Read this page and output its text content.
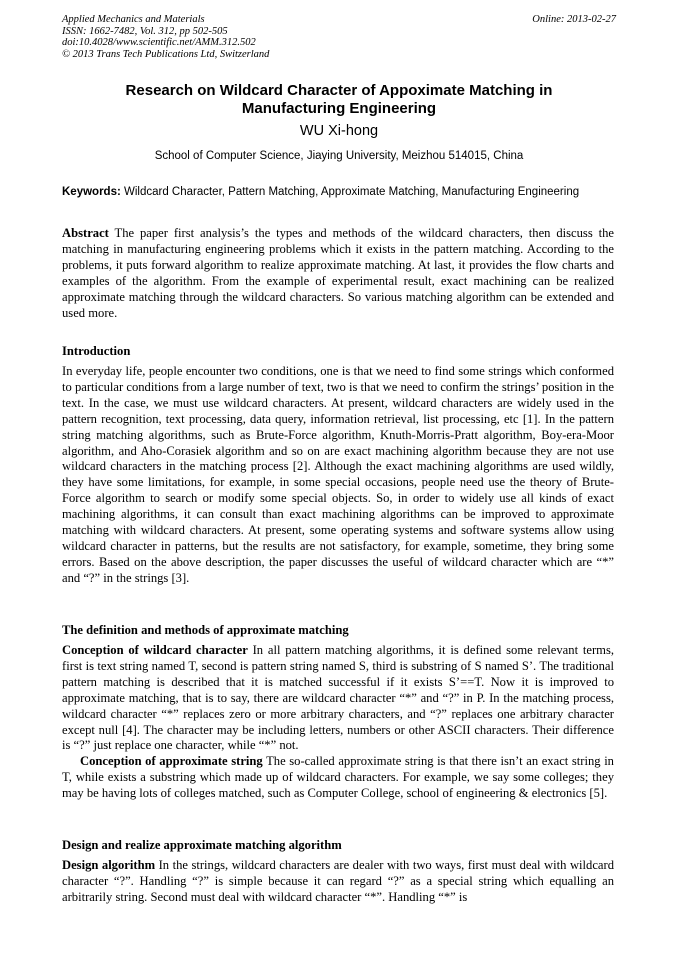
Applied Mechanics and Materials
ISSN: 1662-7482, Vol. 312, pp 502-505
doi:10.4028/www.scientific.net/AMM.312.502
© 2013 Trans Tech Publications Ltd, Switzerland
Online: 2013-02-27
Research on Wildcard Character of Appoximate Matching in
Manufacturing Engineering
WU Xi-hong
School of Computer Science, Jiaying University, Meizhou 514015, China
Keywords: Wildcard Character, Pattern Matching, Approximate Matching, Manufacturing Engineering

Abstract The paper first analysis’s the types and methods of the wildcard characters, then discuss the matching in manufacturing engineering problems which it exists in the pattern matching. According to the problems, it puts forward algorithm to realize approximate matching. At last, it provides the flow charts and examples of the algorithm. From the example of experimental result, exact machining can be realized approximate matching through the wildcard characters. So various matching algorithm can be extended and used more.

Introduction

In everyday life, people encounter two conditions, one is that we need to find some strings which conformed to particular conditions from a large number of text, two is that we need to confirm the strings’ position in the text. In the case, we must use wildcard characters. At present, wildcard characters are widely used in the pattern recognition, text processing, data query, information retrieval, list processing, etc [1]. In the pattern string matching algorithms, such as Brute-Force algorithm, Knuth-Morris-Pratt algorithm, Boy-era-Moor algorithm, and Aho-Corasiek algorithm and so on are exact machining algorithm because they are not use wildcard characters in the matching process [2]. Although the exact machining algorithms are used wildly, they have some limitations, for example, in some special occasions, people need use the theory of Brute-Force algorithm to search or modify some special objects. So, in order to widely use all kinds of exact machining algorithms, it can consult than exact machining algorithms can be improved to approximate matching with wildcard characters. At present, some operating systems and software systems allow using wildcard character in patterns, but the results are not satisfactory, for example, sometime, they bring some errors. Based on the above description, the paper discusses the useful of wildcard character which are “*” and “?” in the strings [3].

The definition and methods of approximate matching

Conception of wildcard character In all pattern matching algorithms, it is defined some relevant terms, first is text string named T, second is pattern string named S, third is substring of S named S’. The traditional pattern matching is described that it is matched successful if it exists S’==T. Now it is improved to approximate matching, that is to say, there are wildcard character “*” and “?” in P. In the matching process, wildcard character “*” replaces zero or more arbitrary characters, and “?” replaces one arbitrary character except null [4]. The character may be including letters, numbers or other ASCII characters. Their difference is “?” just replace one character, while “*” not.

Conception of approximate string The so-called approximate string is that there isn’t an exact string in T, while exists a substring which made up of wildcard characters. For example, we say some colleges; they may be having lots of colleges matched, such as Computer College, school of engineering & electronics [5].

Design and realize approximate matching algorithm

Design algorithm In the strings, wildcard characters are dealer with two ways, first must deal with wildcard character “?”. Handling “?” is simple because it can regard “?” as a special string which equalling an arbitrarily string. Second must deal with wildcard character “*”. Handling “*” is
